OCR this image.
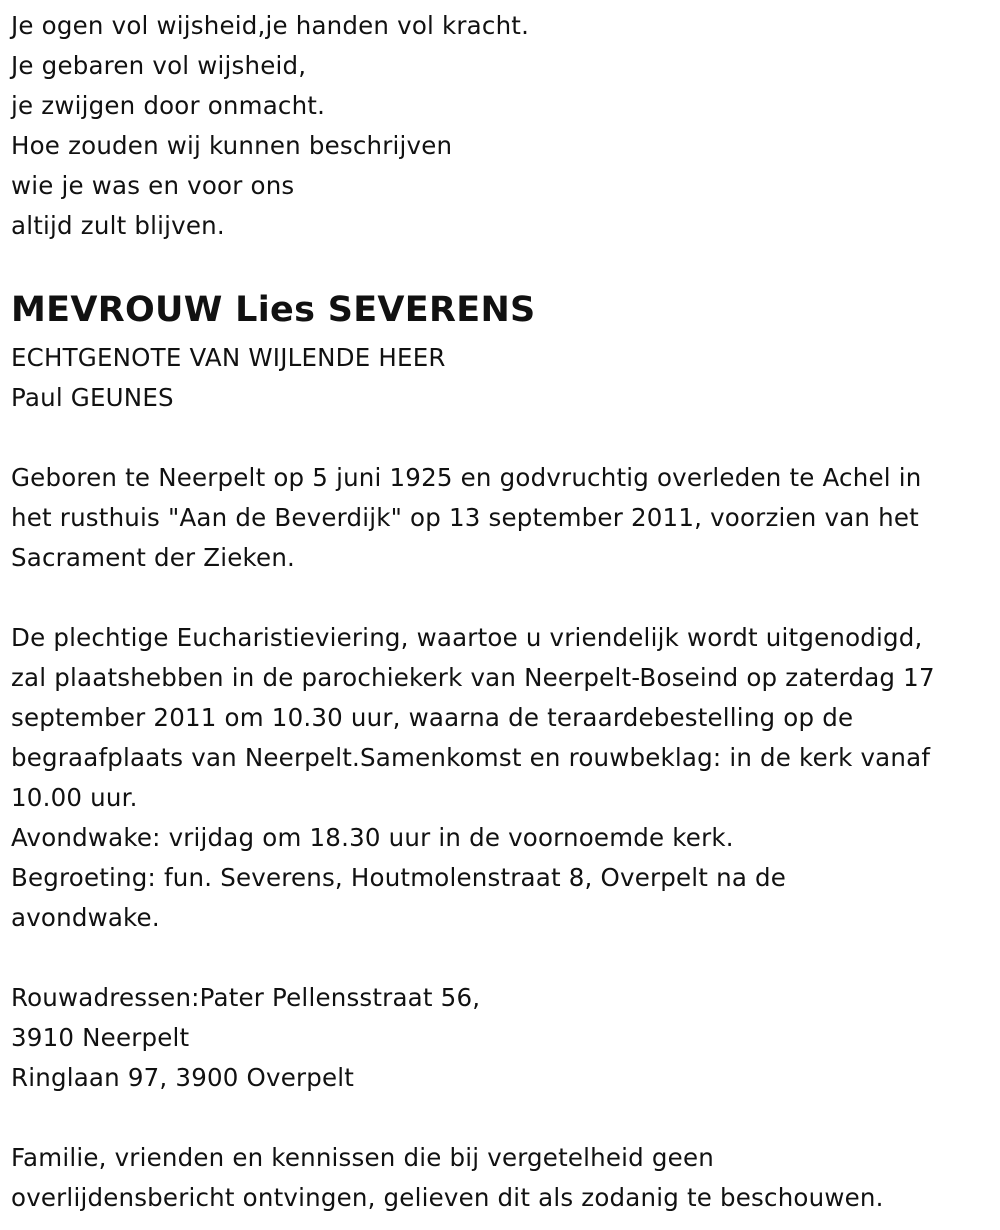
Je ogen vol wijsheid,je handen vol kracht.
Je gebaren vol wijsheid,
je zwijgen door onmacht.
Hoe zouden wij kunnen beschrijven
wie je was en voor ons
altijd zult blijven.
MEVROUW Lies SEVERENS
ECHTGENOTE VAN WIJLENDE HEER
Paul GEUNES
Geboren te Neerpelt op 5 juni 1925 en godvruchtig overleden te Achel in
het rusthuis "Aan de Beverdijk" op 13 september 2011, voorzien van het
Sacrament der Zieken.
De plechtige Eucharistieviering, waartoe u vriendelijk wordt uitgenodigd,
zal plaatshebben in de parochiekerk van Neerpelt-Boseind op zaterdag 17
september 2011 om 10.30 uur, waarna de teraardebestelling op de
begraafplaats van Neerpelt.Samenkomst en rouwbeklag: in de kerk vanaf
10.00 uur.
Avondwake: vrijdag om 18.30 uur in de voornoemde kerk.
Begroeting: fun. Severens, Houtmolenstraat 8, Overpelt na de
avondwake.
Rouwadressen:Pater Pellensstraat 56,
3910 Neerpelt
Ringlaan 97, 3900 Overpelt
Familie, vrienden en kennissen die bij vergetelheid geen
overlijdensbericht ontvingen, gelieven dit als zodanig te beschouwen.
